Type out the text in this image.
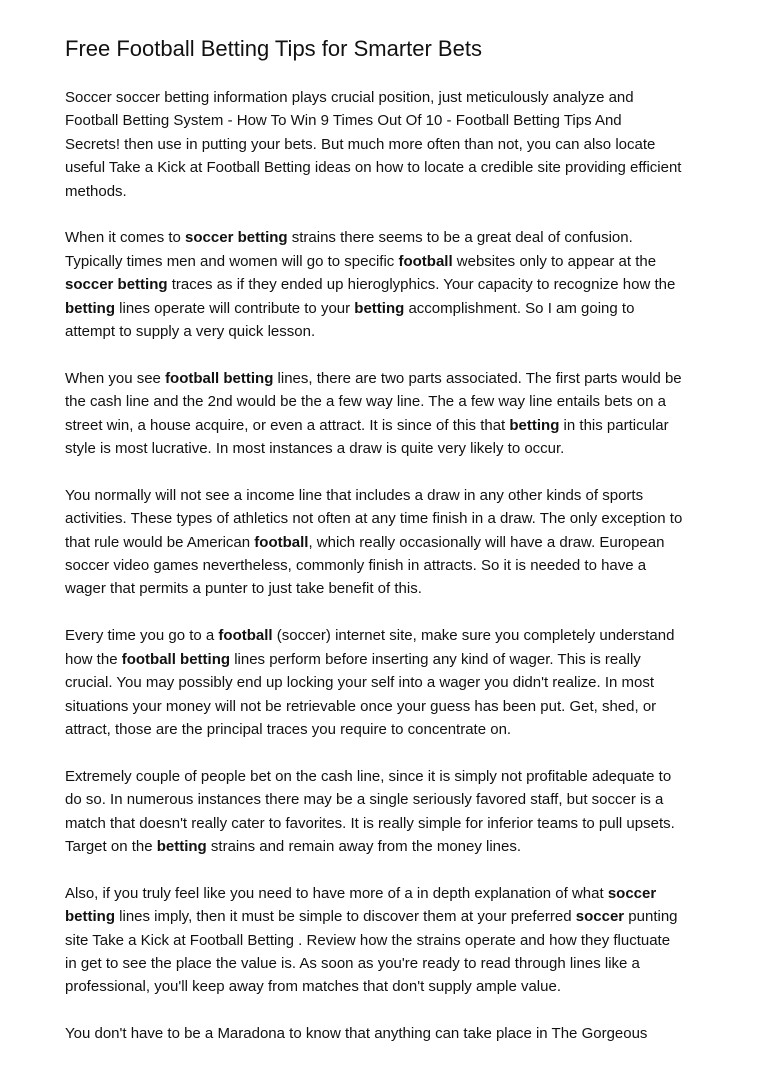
Free Football Betting Tips for Smarter Bets
Soccer soccer betting information plays crucial position, just meticulously analyze and
Football Betting System - How To Win 9 Times Out Of 10 - Football Betting Tips And
Secrets! then use in putting your bets. But much more often than not, you can also locate
useful Take a Kick at Football Betting ideas on how to locate a credible site providing efficient
methods.
When it comes to soccer betting strains there seems to be a great deal of confusion.
Typically times men and women will go to specific football websites only to appear at the
soccer betting traces as if they ended up hieroglyphics. Your capacity to recognize how the
betting lines operate will contribute to your betting accomplishment. So I am going to
attempt to supply a very quick lesson.
When you see football betting lines, there are two parts associated. The first parts would be
the cash line and the 2nd would be the a few way line. The a few way line entails bets on a
street win, a house acquire, or even a attract. It is since of this that betting in this particular
style is most lucrative. In most instances a draw is quite very likely to occur.
You normally will not see a income line that includes a draw in any other kinds of sports
activities. These types of athletics not often at any time finish in a draw. The only exception to
that rule would be American football, which really occasionally will have a draw. European
soccer video games nevertheless, commonly finish in attracts. So it is needed to have a
wager that permits a punter to just take benefit of this.
Every time you go to a football (soccer) internet site, make sure you completely understand
how the football betting lines perform before inserting any kind of wager. This is really
crucial. You may possibly end up locking your self into a wager you didn't realize. In most
situations your money will not be retrievable once your guess has been put. Get, shed, or
attract, those are the principal traces you require to concentrate on.
Extremely couple of people bet on the cash line, since it is simply not profitable adequate to
do so. In numerous instances there may be a single seriously favored staff, but soccer is a
match that doesn't really cater to favorites. It is really simple for inferior teams to pull upsets.
Target on the betting strains and remain away from the money lines.
Also, if you truly feel like you need to have more of a in depth explanation of what soccer
betting lines imply, then it must be simple to discover them at your preferred soccer punting
site Take a Kick at Football Betting . Review how the strains operate and how they fluctuate
in get to see the place the value is. As soon as you're ready to read through lines like a
professional, you'll keep away from matches that don't supply ample value.
You don't have to be a Maradona to know that anything can take place in The Gorgeous
